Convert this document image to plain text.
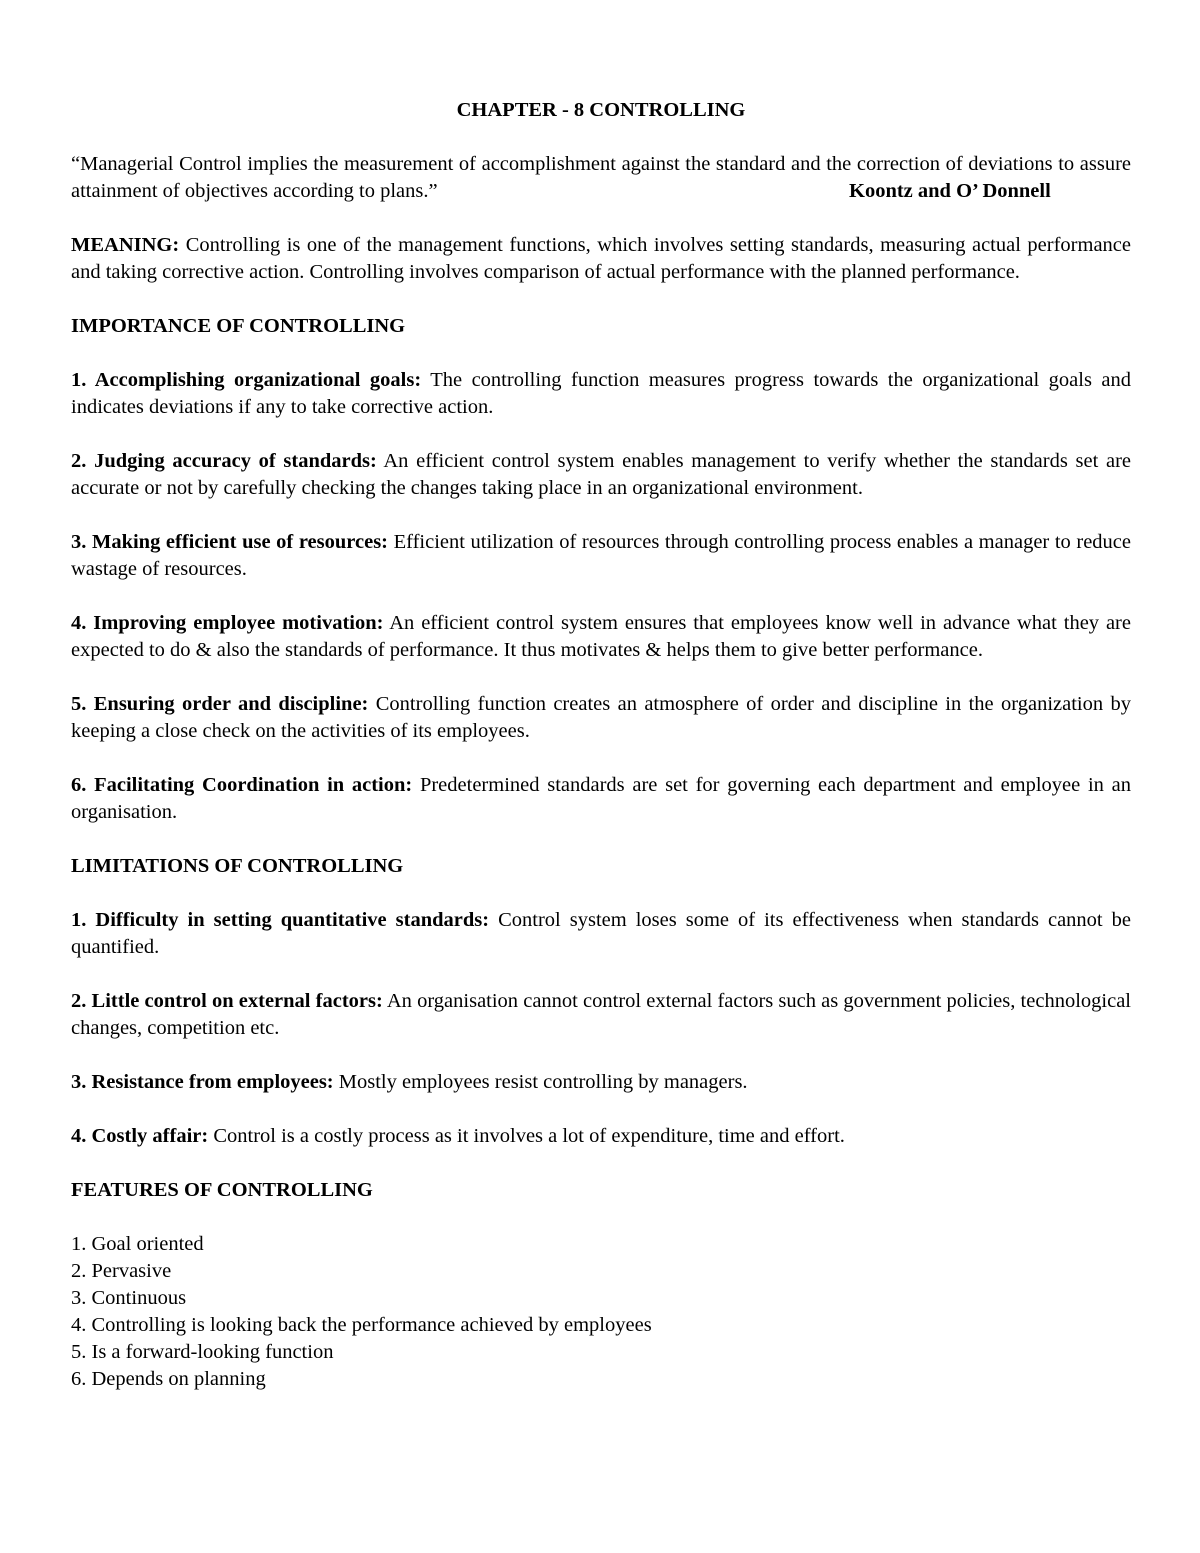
CHAPTER - 8 CONTROLLING
“Managerial Control implies the measurement of accomplishment against the standard and the correction of deviations to assure attainment of objectives according to plans.”	Koontz and O’ Donnell
MEANING: Controlling is one of the management functions, which involves setting standards, measuring actual performance and taking corrective action. Controlling involves comparison of actual performance with the planned performance.
IMPORTANCE OF CONTROLLING
1. Accomplishing organizational goals: The controlling function measures progress towards the organizational goals and indicates deviations if any to take corrective action.
2. Judging accuracy of standards: An efficient control system enables management to verify whether the standards set are accurate or not by carefully checking the changes taking place in an organizational environment.
3. Making efficient use of resources: Efficient utilization of resources through controlling process enables a manager to reduce wastage of resources.
4. Improving employee motivation: An efficient control system ensures that employees know well in advance what they are expected to do & also the standards of performance. It thus motivates & helps them to give better performance.
5. Ensuring order and discipline: Controlling function creates an atmosphere of order and discipline in the organization by keeping a close check on the activities of its employees.
6. Facilitating Coordination in action: Predetermined standards are set for governing each department and employee in an organisation.
LIMITATIONS OF CONTROLLING
1. Difficulty in setting quantitative standards: Control system loses some of its effectiveness when standards cannot be quantified.
2. Little control on external factors: An organisation cannot control external factors such as government policies, technological changes, competition etc.
3. Resistance from employees: Mostly employees resist controlling by managers.
4. Costly affair: Control is a costly process as it involves a lot of expenditure, time and effort.
FEATURES OF CONTROLLING
1. Goal oriented
2. Pervasive
3. Continuous
4. Controlling is looking back the performance achieved by employees
5. Is a forward-looking function
6. Depends on planning
